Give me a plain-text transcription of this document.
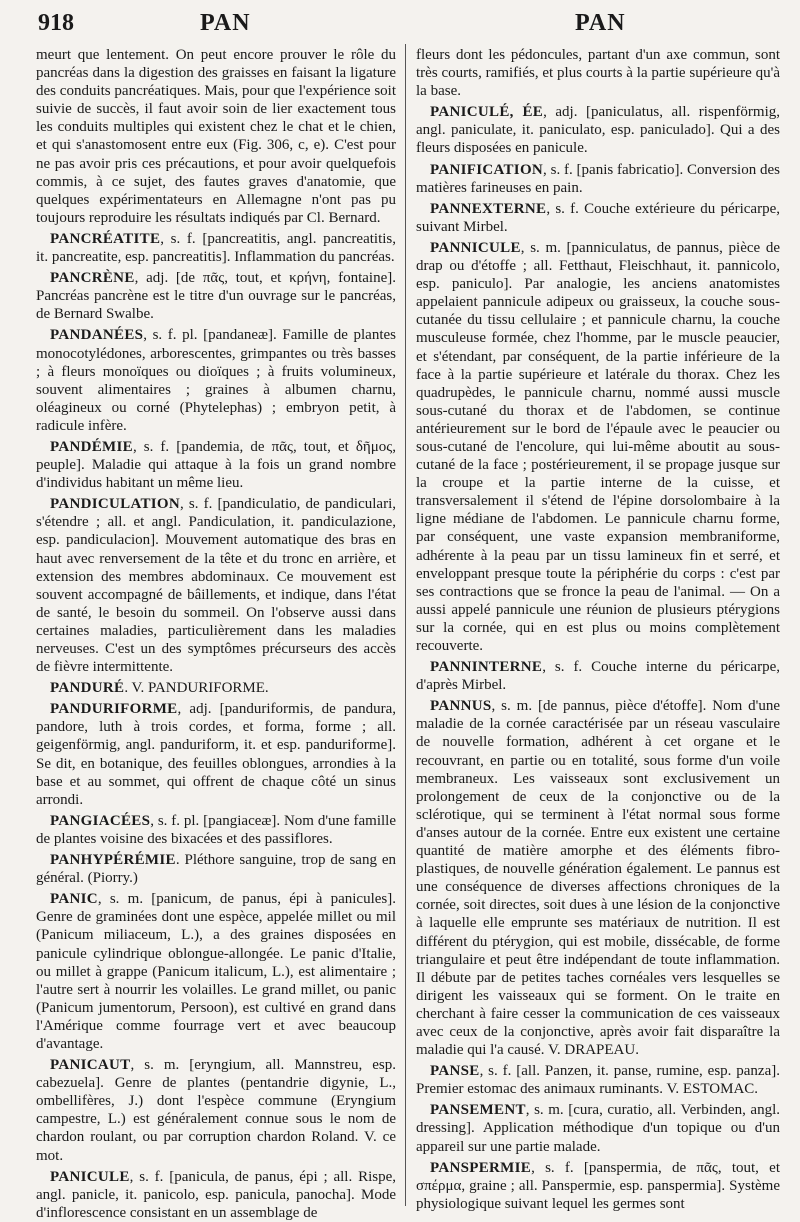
918	PAN	PAN

meurt que lentement. On peut encore prouver le rôle du pancréas dans la digestion des graisses en faisant la ligature des conduits pancréatiques. Mais, pour que l'expérience soit suivie de succès, il faut avoir soin de lier exactement tous les conduits multiples qui existent chez le chat et le chien, et qui s'anastomosent entre eux (Fig. 306, c, e). C'est pour ne pas avoir pris ces précautions, et pour avoir quelquefois commis, à ce sujet, des fautes graves d'anatomie, que quelques expérimentateurs en Allemagne n'ont pas pu toujours reproduire les résultats indiqués par Cl. Bernard.

PANCRÉATITE, s. f. [pancreatitis, angl. pancreatitis, it. pancreatite, esp. pancreatitis]. Inflammation du pancréas.

PANCRÈNE, adj. [de πᾶς, tout, et κρήνη, fontaine]. Pancréas pancrène est le titre d'un ouvrage sur le pancréas, de Bernard Swalbe.

PANDANÉES, s. f. pl. [pandaneæ]. Famille de plantes monocotylédones, arborescentes, grimpantes ou très basses ; à fleurs monoïques ou dioïques ; à fruits volumineux, souvent alimentaires ; graines à albumen charnu, oléagineux ou corné (Phytelephas) ; embryon petit, à radicule infère.

PANDÉMIE, s. f. [pandemia, de πᾶς, tout, et δῆμος, peuple]. Maladie qui attaque à la fois un grand nombre d'individus habitant un même lieu.

PANDICULATION, s. f. [pandiculatio, de pandiculari, s'étendre ; all. et angl. Pandiculation, it. pandiculazione, esp. pandiculacion]. Mouvement automatique des bras en haut avec renversement de la tête et du tronc en arrière, et extension des membres abdominaux. Ce mouvement est souvent accompagné de bâillements, et indique, dans l'état de santé, le besoin du sommeil. On l'observe aussi dans certaines maladies, particulièrement dans les maladies nerveuses. C'est un des symptômes précurseurs des accès de fièvre intermittente.

PANDURÉ. V. PANDURIFORME.

PANDURIFORME, adj. [panduriformis, de pandura, pandore, luth à trois cordes, et forma, forme ; all. geigenförmig, angl. panduriform, it. et esp. panduriforme]. Se dit, en botanique, des feuilles oblongues, arrondies à la base et au sommet, qui offrent de chaque côté un sinus arrondi.

PANGIACÉES, s. f. pl. [pangiaceæ]. Nom d'une famille de plantes voisine des bixacées et des passiflores.

PANHYPÉRÉMIE. Pléthore sanguine, trop de sang en général. (Piorry.)

PANIC, s. m. [panicum, de panus, épi à panicules]. Genre de graminées dont une espèce, appelée millet ou mil (Panicum miliaceum, L.), a des graines disposées en panicule cylindrique oblongue-allongée. Le panic d'Italie, ou millet à grappe (Panicum italicum, L.), est alimentaire ; l'autre sert à nourrir les volailles. Le grand millet, ou panic (Panicum jumentorum, Persoon), est cultivé en grand dans l'Amérique comme fourrage vert et avec beaucoup d'avantage.

PANICAUT, s. m. [eryngium, all. Mannstreu, esp. cabezuela]. Genre de plantes (pentandrie digynie, L., ombellifères, J.) dont l'espèce commune (Eryngium campestre, L.) est généralement connue sous le nom de chardon roulant, ou par corruption chardon Roland. V. ce mot.

PANICULE, s. f. [panicula, de panus, épi ; all. Rispe, angl. panicle, it. panicolo, esp. panicula, panocha]. Mode d'inflorescence consistant en un assemblage de

fleurs dont les pédoncules, partant d'un axe commun, sont très courts, ramifiés, et plus courts à la partie supérieure qu'à la base.

PANICULÉ, ÉE, adj. [paniculatus, all. rispenförmig, angl. paniculate, it. paniculato, esp. paniculado]. Qui a des fleurs disposées en panicule.

PANIFICATION, s. f. [panis fabricatio]. Conversion des matières farineuses en pain.

PANNEXTERNE, s. f. Couche extérieure du péricarpe, suivant Mirbel.

PANNICULE, s. m. [panniculatus, de pannus, pièce de drap ou d'étoffe ; all. Fetthaut, Fleischhaut, it. pannicolo, esp. paniculo]. Par analogie, les anciens anatomistes appelaient pannicule adipeux ou graisseux, la couche sous-cutanée du tissu cellulaire ; et pannicule charnu, la couche musculeuse formée, chez l'homme, par le muscle peaucier, et s'étendant, par conséquent, de la partie inférieure de la face à la partie supérieure et latérale du thorax. Chez les quadrupèdes, le pannicule charnu, nommé aussi muscle sous-cutané du thorax et de l'abdomen, se continue antérieurement sur le bord de l'épaule avec le peaucier ou sous-cutané de l'encolure, qui lui-même aboutit au sous-cutané de la face ; postérieurement, il se propage jusque sur la croupe et la partie interne de la cuisse, et transversalement il s'étend de l'épine dorsolombaire à la ligne médiane de l'abdomen. Le pannicule charnu forme, par conséquent, une vaste expansion membraniforme, adhérente à la peau par un tissu lamineux fin et serré, et enveloppant presque toute la périphérie du corps : c'est par ses contractions que se fronce la peau de l'animal. — On a aussi appelé pannicule une réunion de plusieurs ptérygions sur la cornée, qui en est plus ou moins complètement recouverte.

PANNINTERNE, s. f. Couche interne du péricarpe, d'après Mirbel.

PANNUS, s. m. [de pannus, pièce d'étoffe]. Nom d'une maladie de la cornée caractérisée par un réseau vasculaire de nouvelle formation, adhérent à cet organe et le recouvrant, en partie ou en totalité, sous forme d'un voile membraneux. Les vaisseaux sont exclusivement un prolongement de ceux de la conjonctive ou de la sclérotique, qui se terminent à l'état normal sous forme d'anses autour de la cornée. Entre eux existent une certaine quantité de matière amorphe et des éléments fibro-plastiques, de nouvelle génération également. Le pannus est une conséquence de diverses affections chroniques de la cornée, soit directes, soit dues à une lésion de la conjonctive à laquelle elle emprunte ses matériaux de nutrition. Il est différent du ptérygion, qui est mobile, dissécable, de forme triangulaire et peut être indépendant de toute inflammation. Il débute par de petites taches cornéales vers lesquelles se dirigent les vaisseaux qui se forment. On le traite en cherchant à faire cesser la communication de ces vaisseaux avec ceux de la conjonctive, après avoir fait disparaître la maladie qui l'a causé. V. DRAPEAU.

PANSE, s. f. [all. Panzen, it. panse, rumine, esp. panza]. Premier estomac des animaux ruminants. V. ESTOMAC.

PANSEMENT, s. m. [cura, curatio, all. Verbinden, angl. dressing]. Application méthodique d'un topique ou d'un appareil sur une partie malade.

PANSPERMIE, s. f. [panspermia, de πᾶς, tout, et σπέρμα, graine ; all. Panspermie, esp. panspermia]. Système physiologique suivant lequel les germes sont
